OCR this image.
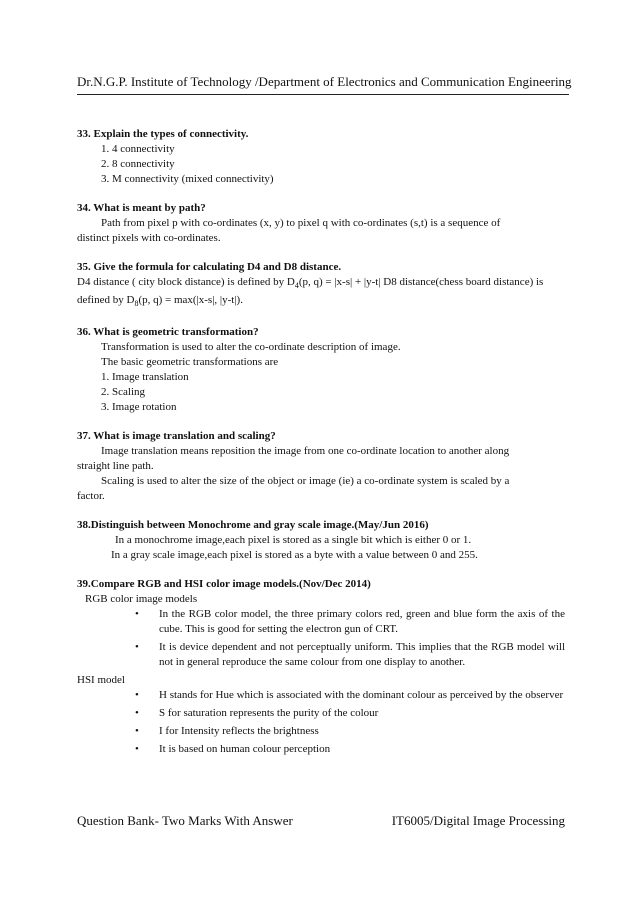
Dr.N.G.P. Institute of Technology /Department of Electronics and Communication Engineering

33. Explain the types of connectivity.

1. 4 connectivity

2. 8 connectivity

3. M connectivity (mixed connectivity)

34. What is meant by path?

Path from pixel p with co-ordinates (x, y) to pixel q with co-ordinates (s,t) is a sequence of

distinct pixels with co-ordinates.

35. Give the formula for calculating D4 and D8 distance.

D4 distance ( city block distance) is defined by $D_4(p$, q) = |x-s| + |y-t| D8 distance(chess board distance) is

defined by $D_8(p$, q) = max(|x-s|, |y-t|).

36. What is geometric transformation?

Transformation is used to alter the co-ordinate description of image.

The basic geometric transformations are

1. Image translation

2. Scaling

3. Image rotation

37. What is image translation and scaling?

Image translation means reposition the image from one co-ordinate location to another along

straight line path.

Scaling is used to alter the size of the object or image (ie) a co-ordinate system is scaled by a

factor.

38.Distinguish between Monochrome and gray scale image.(May/Jun 2016)

In a monochrome image,each pixel is stored as a single bit which is either 0 or 1.

In a gray scale image,each pixel is stored as a byte with a value between 0 and 255.

39.Compare RGB and HSI color image models.(Nov/Dec 2014)

RGB color image models

• In the RGB color model, the three primary colors red, green and blue form the axis of the cube. This is good for setting the electron gun of CRT.
• It is device dependent and not perceptually uniform. This implies that the RGB model will not in general reproduce the same colour from one display to another.

HSI model

• H stands for Hue which is associated with the dominant colour as perceived by the observer
• S for saturation represents the purity of the colour
• I for Intensity reflects the brightness
• It is based on human colour perception
Question Bank- Two Marks With Answer	IT6005/Digital Image Processing
